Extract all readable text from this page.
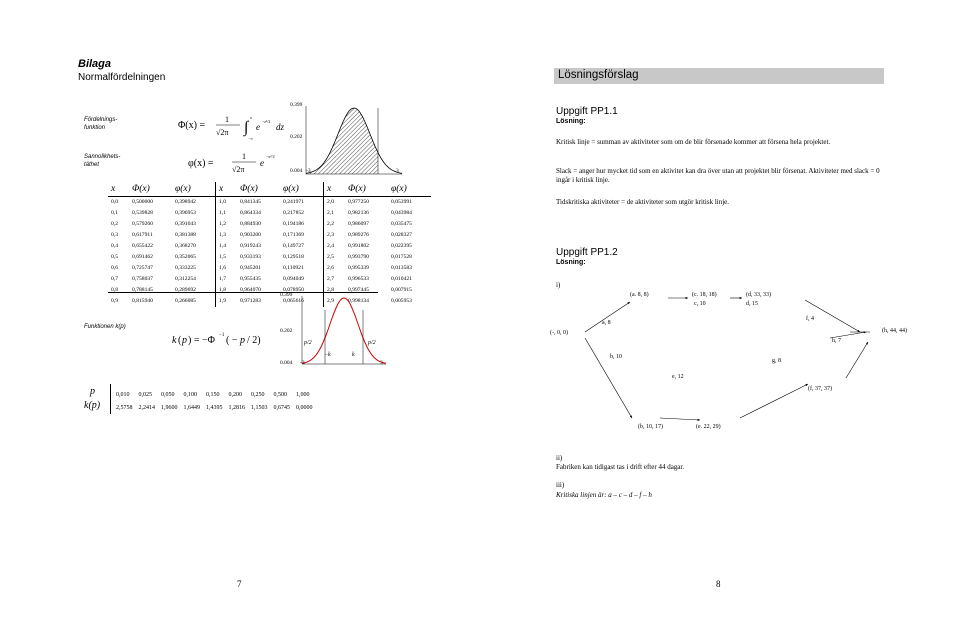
Bilaga
Normalfördelningen
Fördelnings-
funktion
Sannolikhets-
täthet
Φ(x) =
1
√2π ∫
x
−∞
e
−z²/2
dz
φ(x) =
1
√2π
e
−x²/2
0.399
0.202
0.004 -3	3
x	Φ(x)	φ(x)	x	Φ(x)	φ(x)	x	Φ(x)	φ(x)
0,0	0,500000	0,398942	1,0	0,841345	0,241971	2,0	0,977250	0,053991
0,1	0,539828	0,396953	1,1	0,864334	0,217852	2,1	0,982136	0,043984
0,2	0,579260	0,391043	1,2	0,884930	0,194186	2,2	0,986097	0,035475
0,3	0,617911	0,381388	1,3	0,903200	0,171369	2,3	0,989276	0,028327
0,4	0,655422	0,368270	1,4	0,919243	0,149727	2,4	0,991802	0,022395
0,5	0,691462	0,352065	1,5	0,933193	0,129518	2,5	0,993790	0,017528
0,6	0,725747	0,333225	1,6	0,945201	0,110921	2,6	0,995339	0,013583
0,7	0,758037	0,312254	1,7	0,955435	0,094049	2,7	0,996533	0,010421
0,8	0,788145	0,289692	1,8	0,964070	0,078950	2,8	0,997445	0,007915
0,9	0,815940	0,266085	1,9	0,971283	0,065616	2,9	0,998134	0,005953
Funktionen k(p)
k ( p ) = −Φ −1 ( − p / 2)
0.399
0.202
0.004 -3	3
p/2	p/2
−k	k
p
k(p)
0,010	0,025	0,050	0,100	0,150	0,200	0,250	0,500	1,000
2,5758	2,2414	1,9600	1,6449	1,4395	1,2816	1,1503	0,6745	0,0000
7
Lösningsförslag
Uppgift PP1.1
Lösning:
Kritisk linje = summan av aktiviteter som om de blir försenade kommer att försena hela projektet.
Slack = anger hur mycket tid som en aktivitet kan dra över utan att projektet blir försenat. Aktiviteter med slack = 0 ingår i kritisk linje.
Tidskritiska aktiviteter = de aktiviteter som utgör kritisk linje.
Uppgift PP1.2
Lösning:
i)
(-, 0, 0)
(a. 8, 8)	(c. 18, 18)	(d, 33, 33)
(h, 44, 44)
(b, 10, 17)	(e. 22, 29)
(f, 37, 37)
a, 8
c, 10	d, 15
f, 4
h, 7
b, 10
e, 12
g, 8
ii)
Fabriken kan tidigast tas i drift efter 44 dagar.
iii)
Kritiska linjen är: a – c – d – f – h
8
